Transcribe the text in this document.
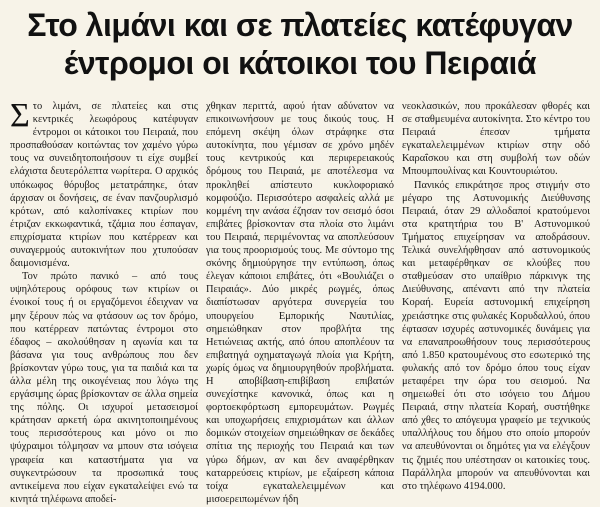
Στο λιμάνι και σε πλατείες κατέφυγαν
έντρομοι οι κάτοικοι του Πειραιά

Στο λιμάνι, σε πλατείες και στις κεντρικές λεωφόρους κατέφυγαν έντρομοι οι κάτοικοι του Πειραιά, που προσπαθούσαν κοιτώντας τον χαμένο γύρω τους να συνειδητοποιήσουν τι είχε συμβεί ελάχιστα δευτερόλεπτα νωρίτερα. Ο αρχικός υπόκωφος θόρυβος μετατράπηκε, όταν άρχισαν οι δονήσεις, σε έναν πανζουρλισμό κρότων, από καλοπίνακες κτιρίων που έτριζαν εκκωφαντικά, τζάμια που έσπαγαν, επιχρίσματα κτιρίων που κατέρρεαν και συναγερμούς αυτοκινήτων που χτυπούσαν δαιμονισμένα.

Τον πρώτο πανικό – από τους υψηλότερους ορόφους των κτιρίων οι ένοικοί τους ή οι εργαζόμενοι έδειχναν να μην ξέρουν πώς να φτάσουν ως τον δρόμο, που κατέρρεαν πατώντας έντρομοι στο έδαφος – ακολούθησαν η αγωνία και τα βάσανα για τους ανθρώπους που δεν βρίσκονταν γύρω τους, για τα παιδιά και τα άλλα μέλη της οικογένειας που λόγω της εργάσιμης ώρας βρίσκονταν σε άλλα σημεία της πόλης. Οι ισχυροί μετασεισμοί κράτησαν αρκετή ώρα ακινητοποιημένους τους περισσότερους και μόνο οι πιο ψύχραιμοι τόλμησαν να μπουν στα ισόγεια γραφεία και καταστήματα για να συγκεντρώσουν τα προσωπικά τους αντικείμενα που είχαν εγκαταλείψει ενώ τα κινητά τηλέφωνα αποδεί-

χθηκαν περιττά, αφού ήταν αδύνατον να επικοινωνήσουν με τους δικούς τους. Η επόμενη σκέψη όλων στράφηκε στα αυτοκίνητα, που γέμισαν σε χρόνο μηδέν τους κεντρικούς και περιφερειακούς δρόμους του Πειραιά, με αποτέλεσμα να προκληθεί απίστευτο κυκλοφοριακό κομφούζιο. Περισσότερο ασφαλείς αλλά με κομμένη την ανάσα έζησαν τον σεισμό όσοι επιβάτες βρίσκονταν στα πλοία στο λιμάνι του Πειραιά, περιμένοντας να αποπλεύσουν για τους προορισμούς τους. Με σύντομο της σκόνης δημιούργησε την εντύπωση, όπως έλεγαν κάποιοι επιβάτες, ότι «Βουλιάζει ο Πειραιάς». Δύο μικρές ρωγμές, όπως διαπίστωσαν αργότερα συνεργεία του υπουργείου Εμπορικής Ναυτιλίας, σημειώθηκαν στον προβλήτα της Ηετιώνειας ακτής, από όπου αποπλέουν τα επιβατηγά οχηματαγωγά πλοία για Κρήτη, χωρίς όμως να δημιουργηθούν προβλήματα. Η αποβίβαση-επιβίβαση επιβατών συνεχίστηκε κανονικά, όπως και η φορτοεκφόρτωση εμπορευμάτων. Ρωγμές και υποχωρήσεις επιχρισμάτων και άλλων δομικών στοιχείων σημειώθηκαν σε δεκάδες σπίτια της περιοχής του Πειραιά και των γύρω δήμων, αν και δεν αναφέρθηκαν καταρρεύσεις κτιρίων, με εξαίρεση κάποια τοίχα εγκαταλελειμμένων και μισοερειπωμένων ήδη

νεοκλασικών, που προκάλεσαν φθορές και σε σταθμευμένα αυτοκίνητα. Στο κέντρο του Πειραιά έπεσαν τμήματα εγκαταλελειμμένων κτιρίων στην οδό Καραΐσκου και στη συμβολή των οδών Μπουμπουλίνας και Κουντουριώτου.

Πανικός επικράτησε προς στιγμήν στο μέγαρο της Αστυνομικής Διεύθυνσης Πειραιά, όταν 29 αλλοδαποί κρατούμενοι στα κρατητήρια του Β' Αστυνομικού Τμήματος επιχείρησαν να αποδράσουν. Τελικά συνελήφθησαν από αστυνομικούς και μεταφέρθηκαν σε κλούβες που σταθμεύσαν στο υπαίθριο πάρκινγκ της Διεύθυνσης, απέναντι από την πλατεία Κοραή. Ευρεία αστυνομική επιχείρηση χρειάστηκε στις φυλακές Κορυδαλλού, όπου έφτασαν ισχυρές αστυνομικές δυνάμεις για να επαναπροωθήσουν τους περισσότερους από 1.850 κρατουμένους στο εσωτερικό της φυλακής από τον δρόμο όπου τους είχαν μεταφέρει την ώρα του σεισμού. Να σημειωθεί ότι στο ισόγειο του Δήμου Πειραιά, στην πλατεία Κοραή, συστήθηκε από χθες το απόγευμα γραφείο με τεχνικούς υπαλλήλους του δήμου στο οποίο μπορούν να απευθύνονται οι δημότες για να ελέγξουν τις ζημιές που υπέστησαν οι κατοικίες τους. Παράλληλα μπορούν να απευθύνονται και στο τηλέφωνο 4194.000.
